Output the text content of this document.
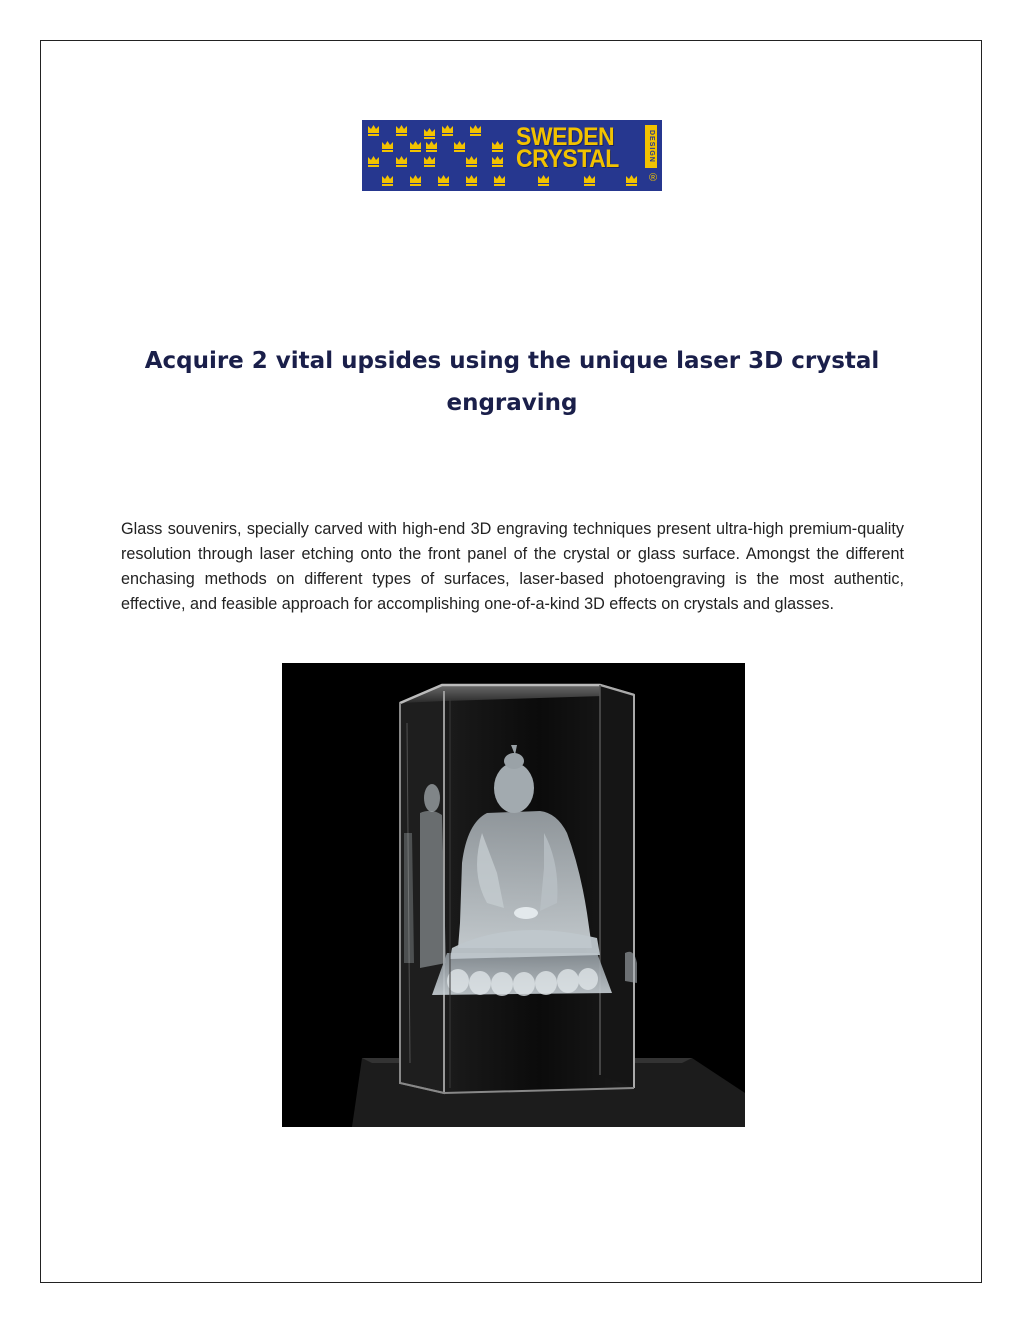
SWEDEN
CRYSTAL	DESIGN
®
Acquire 2 vital upsides using the unique laser 3D crystal engraving

Glass souvenirs, specially carved with high-end 3D engraving techniques present ultra-high premium-quality resolution through laser etching onto the front panel of the crystal or glass surface. Amongst the different enchasing methods on different types of surfaces, laser-based photoengraving is the most authentic, effective, and feasible approach for accomplishing one-of-a-kind 3D effects on crystals and glasses.
